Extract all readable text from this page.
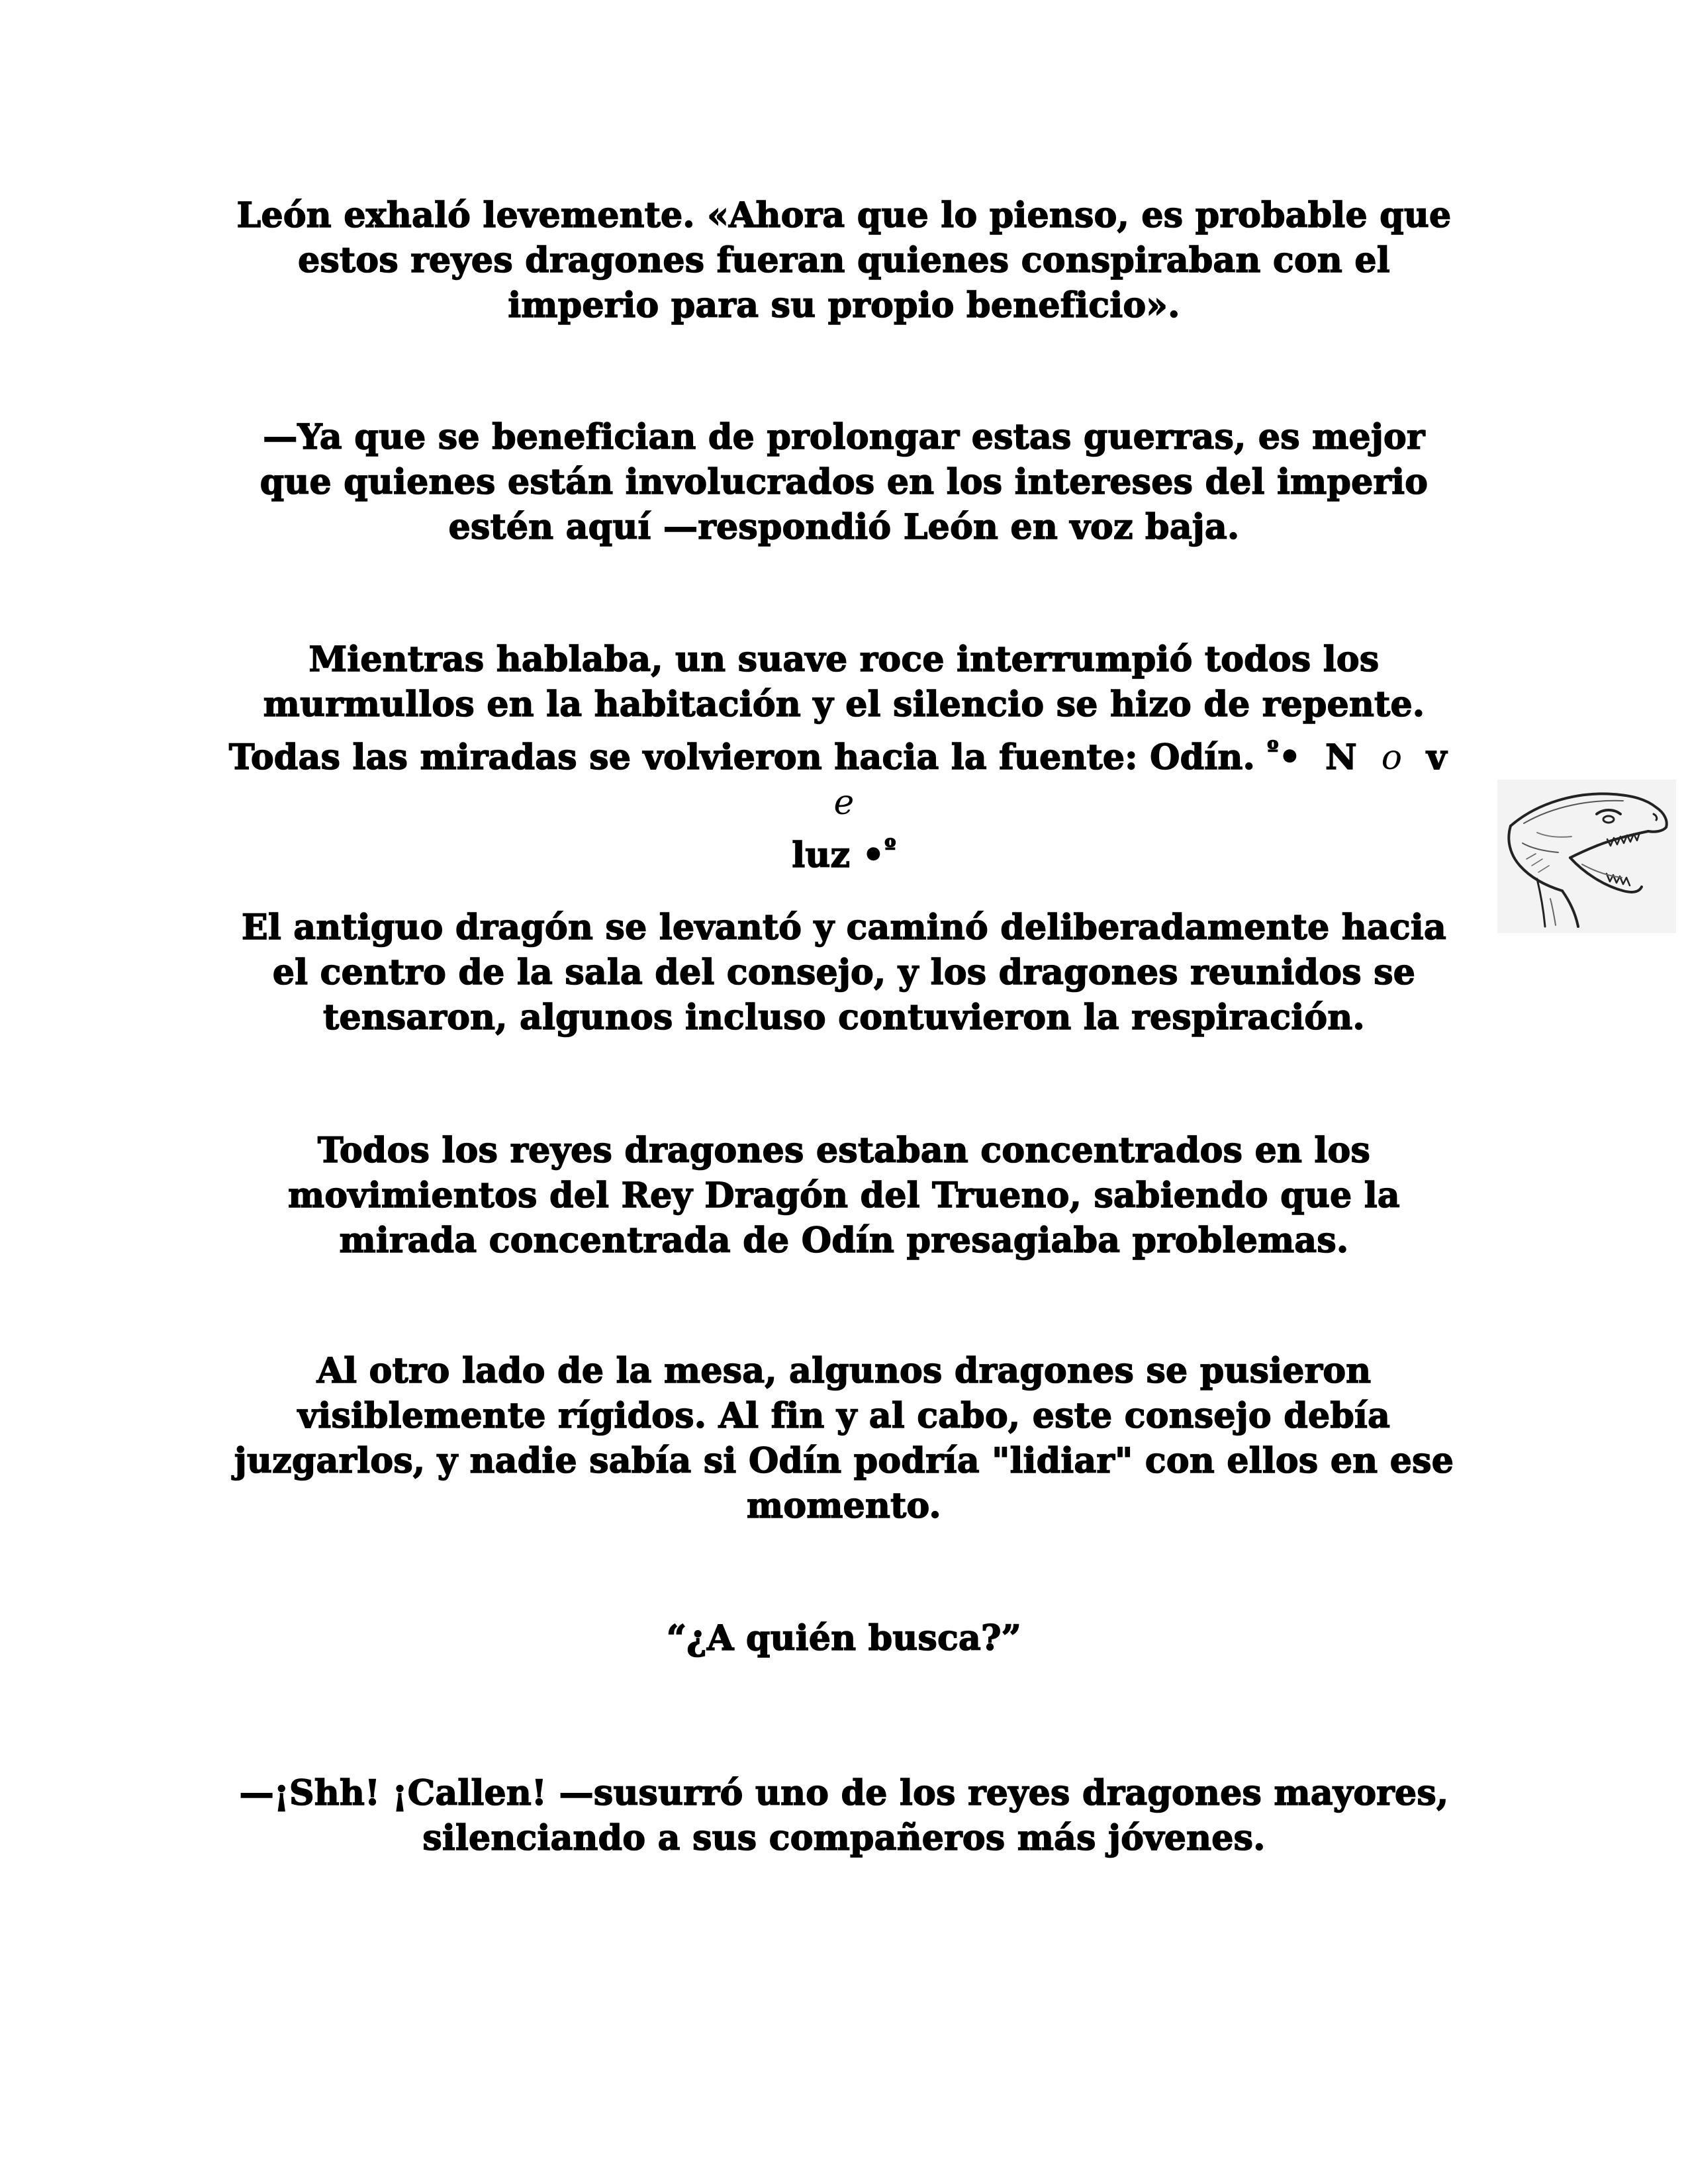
León exhaló levemente. «Ahora que lo pienso, es probable que estos reyes dragones fueran quienes conspiraban con el imperio para su propio beneficio».

—Ya que se benefician de prolongar estas guerras, es mejor que quienes están involucrados en los intereses del imperio estén aquí —respondió León en voz baja.

Mientras hablaba, un suave roce interrumpió todos los murmullos en la habitación y el silencio se hizo de repente. Todas las miradas se volvieron hacia la fuente: Odín. $^º$• N o v  e
luz •$^º$

El antiguo dragón se levantó y caminó deliberadamente hacia el centro de la sala del consejo, y los dragones reunidos se tensaron, algunos incluso contuvieron la respiración.

Todos los reyes dragones estaban concentrados en los movimientos del Rey Dragón del Trueno, sabiendo que la mirada concentrada de Odín presagiaba problemas.

Al otro lado de la mesa, algunos dragones se pusieron visiblemente rígidos. Al fin y al cabo, este consejo debía juzgarlos, y nadie sabía si Odín podría "lidiar" con ellos en ese momento.

“¿A quién busca?”

—¡Shh! ¡Callen! —susurró uno de los reyes dragones mayores, silenciando a sus compañeros más jóvenes.
